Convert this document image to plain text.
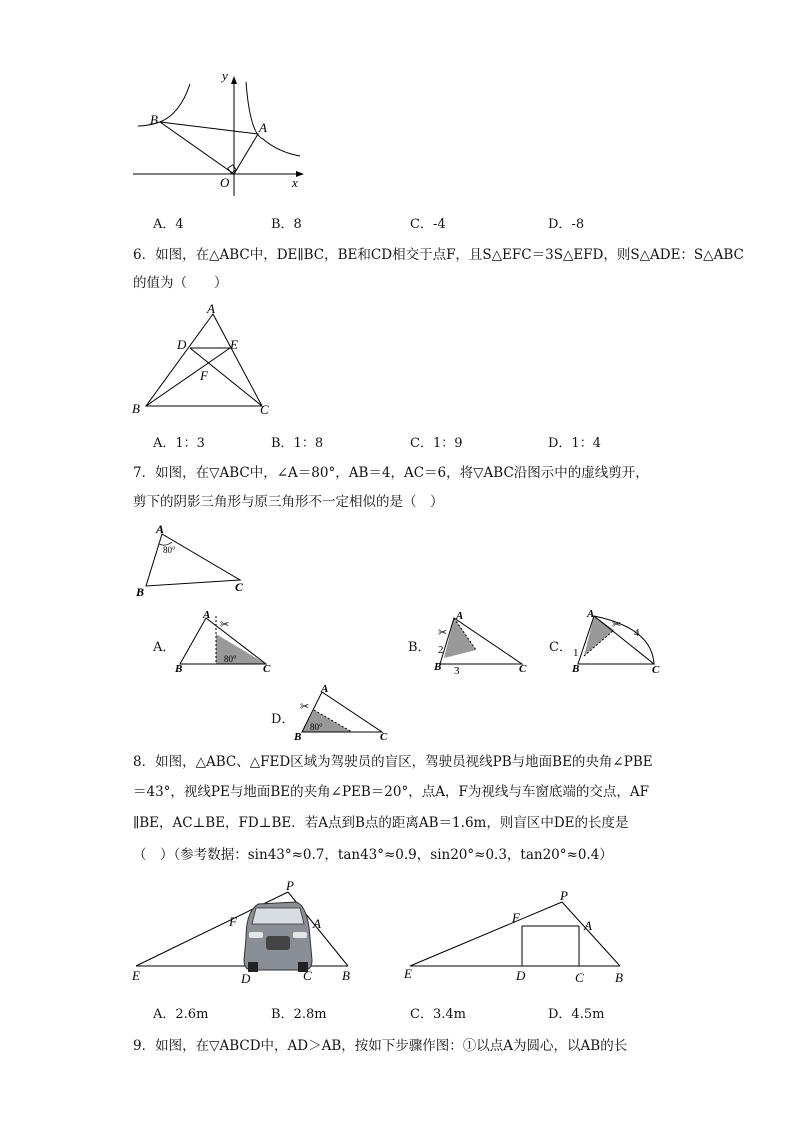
y
x
O
A
B
A．4	B．8	C．-4	D．-8
6．如图，在△ABC中，DE∥BC，BE和CD相交于点F，且S△EFC＝3S△EFD，则S△ADE：S△ABC
的值为（　　）
A
B	C
D	E
F
A．1：3	B．1：8	C．1：9	D．1：4
7．如图，在▽ABC中，∠A＝80°，AB＝4，AC＝6，将▽ABC沿图示中的虚线剪开，
剪下的阴影三角形与原三角形不一定相似的是（　）
A
B	C
80°
A．
✂
A
B	C
80°
B．
✂
A
B	C
2
3
C．
✂
A
B	C
1
4
D．
✂
A
B	C
80°
8．如图，△ABC、△FED区域为驾驶员的盲区，驾驶员视线PB与地面BE的央角∠PBE
＝43°，视线PE与地面BE的夹角∠PEB＝20°，点A，F为视线与车窗底端的交点，AF
∥BE，AC⊥BE，FD⊥BE．若A点到B点的距离AB＝1.6m，则盲区中DE的长度是
（　）（参考数据：sin43°≈0.7，tan43°≈0.9，sin20°≈0.3，tan20°≈0.4）
P
F	A
E	D	C B
P
F
A
E	D	C B
A．2.6m	B．2.8m	C．3.4m	D．4.5m
9．如图，在▽ABCD中，AD＞AB，按如下步骤作图：①以点A为圆心，以AB的长
